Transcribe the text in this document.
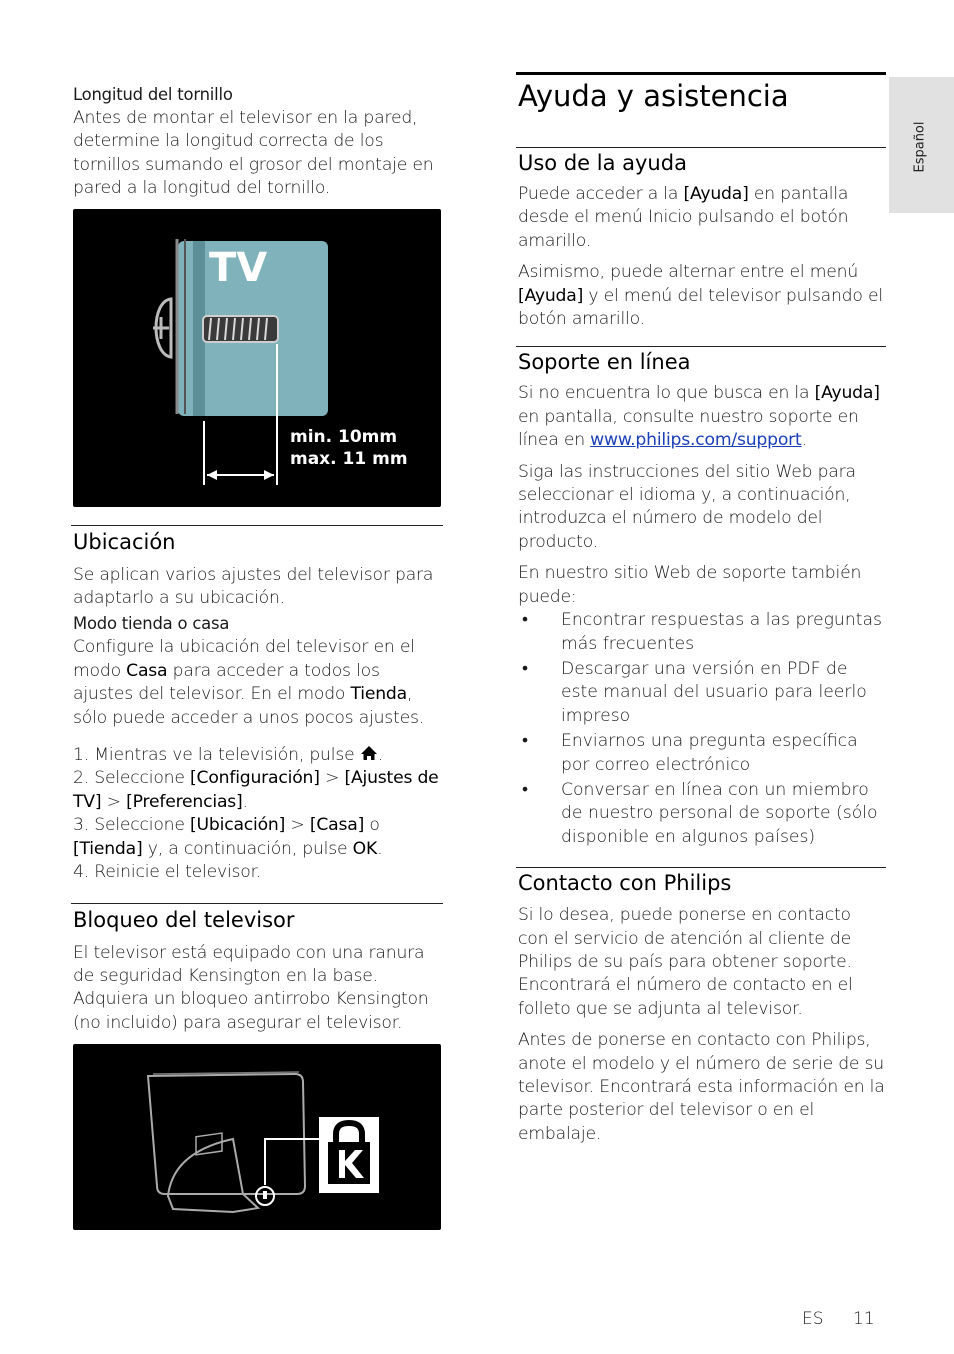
Español

Longitud del tornillo

Antes de montar el televisor en la pared, determine la longitud correcta de los tornillos sumando el grosor del montaje en pared a la longitud del tornillo.

TV
min. 10mm
max. 11 mm
Ubicación

Se aplican varios ajustes del televisor para adaptarlo a su ubicación.

Modo tienda o casa

Configure la ubicación del televisor en el modo Casa para acceder a todos los ajustes del televisor. En el modo Tienda, sólo puede acceder a unos pocos ajustes.

1. Mientras ve la televisión, pulse .

2. Seleccione [Configuración] > [Ajustes de TV] > [Preferencias].

3. Seleccione [Ubicación] > [Casa] o [Tienda] y, a continuación, pulse OK.

4. Reinicie el televisor.

Bloqueo del televisor

El televisor está equipado con una ranura de seguridad Kensington en la base. Adquiera un bloqueo antirrobo Kensington (no incluido) para asegurar el televisor.

Ayuda y asistencia
Uso de la ayuda

Puede acceder a la [Ayuda] en pantalla desde el menú Inicio pulsando el botón amarillo.

Asimismo, puede alternar entre el menú [Ayuda] y el menú del televisor pulsando el botón amarillo.

Soporte en línea

Si no encuentra lo que busca en la [Ayuda] en pantalla, consulte nuestro soporte en línea en www.philips.com/support.

Siga las instrucciones del sitio Web para seleccionar el idioma y, a continuación, introduzca el número de modelo del producto.

En nuestro sitio Web de soporte también puede:

• Encontrar respuestas a las preguntas más frecuentes
• Descargar una versión en PDF de este manual del usuario para leerlo impreso
• Enviarnos una pregunta específica por correo electrónico
• Conversar en línea con un miembro de nuestro personal de soporte (sólo disponible en algunos países)
Contacto con Philips

Si lo desea, puede ponerse en contacto con el servicio de atención al cliente de Philips de su país para obtener soporte. Encontrará el número de contacto en el folleto que se adjunta al televisor.

Antes de ponerse en contacto con Philips, anote el modelo y el número de serie de su televisor. Encontrará esta información en la parte posterior del televisor o en el embalaje.

ES 11
